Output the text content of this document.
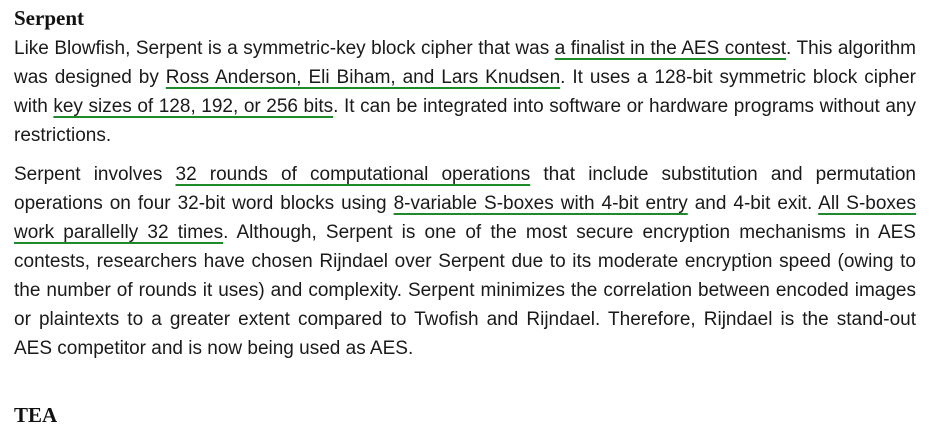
Serpent

Like Blowfish, Serpent is a symmetric-key block cipher that was a finalist in the AES contest. This algorithm was designed by Ross Anderson, Eli Biham, and Lars Knudsen. It uses a 128-bit symmetric block cipher with key sizes of 128, 192, or 256 bits. It can be integrated into software or hardware programs without any restrictions.

Serpent involves 32 rounds of computational operations that include substitution and permutation operations on four 32-bit word blocks using 8-variable S-boxes with 4-bit entry and 4-bit exit. All S-boxes work parallelly 32 times. Although, Serpent is one of the most secure encryption mechanisms in AES contests, researchers have chosen Rijndael over Serpent due to its moderate encryption speed (owing to the number of rounds it uses) and complexity. Serpent minimizes the correlation between encoded images or plaintexts to a greater extent compared to Twofish and Rijndael. Therefore, Rijndael is the stand-out AES competitor and is now being used as AES.

TEA
